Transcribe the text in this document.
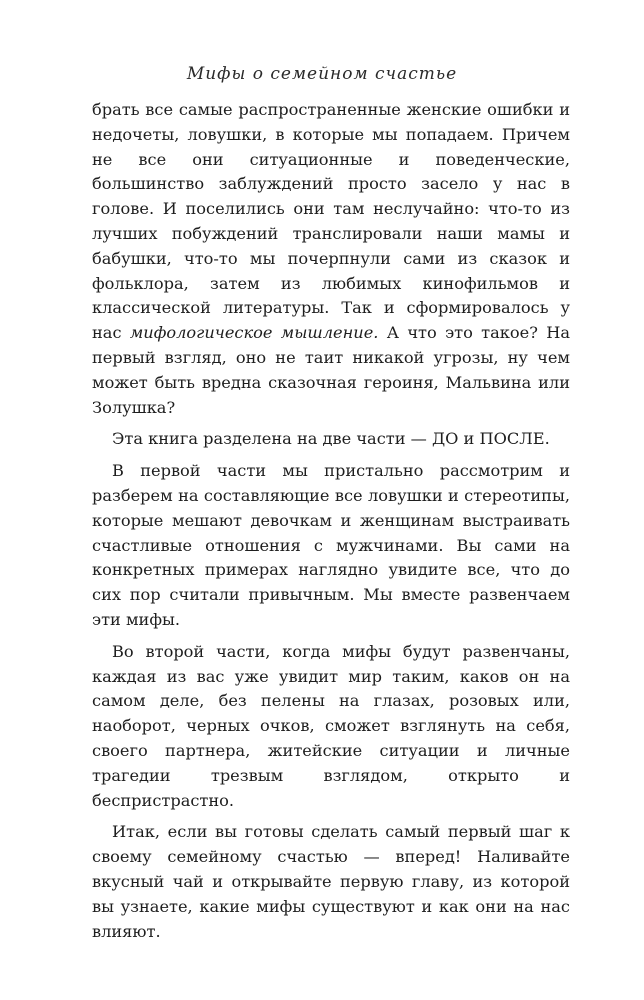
Мифы о семейном счастье

брать все самые распространенные женские ошибки и недочеты, ловушки, в которые мы попадаем. Причем не все они ситуационные и поведенческие, большинство заблуждений просто засело у нас в голове. И поселились они там неслучайно: что-то из лучших побуждений транслировали наши мамы и бабушки, что-то мы почерпнули сами из сказок и фольклора, затем из любимых кинофильмов и классической литературы. Так и сформировалось у нас мифологическое мышление. А что это такое? На первый взгляд, оно не таит никакой угрозы, ну чем может быть вредна сказочная героиня, Мальвина или Золушка?

Эта книга разделена на две части — ДО и ПОСЛЕ.

В первой части мы пристально рассмотрим и разберем на составляющие все ловушки и стереотипы, которые мешают девочкам и женщинам выстраивать счастливые отношения с мужчинами. Вы сами на конкретных примерах наглядно увидите все, что до сих пор считали привычным. Мы вместе развенчаем эти мифы.

Во второй части, когда мифы будут развенчаны, каждая из вас уже увидит мир таким, каков он на самом деле, без пелены на глазах, розовых или, наоборот, черных очков, сможет взглянуть на себя, своего партнера, житейские ситуации и личные трагедии трезвым взглядом, открыто и беспристрастно.

Итак, если вы готовы сделать самый первый шаг к своему семейному счастью — вперед! Наливайте вкусный чай и открывайте первую главу, из которой вы узнаете, какие мифы существуют и как они на нас влияют.
